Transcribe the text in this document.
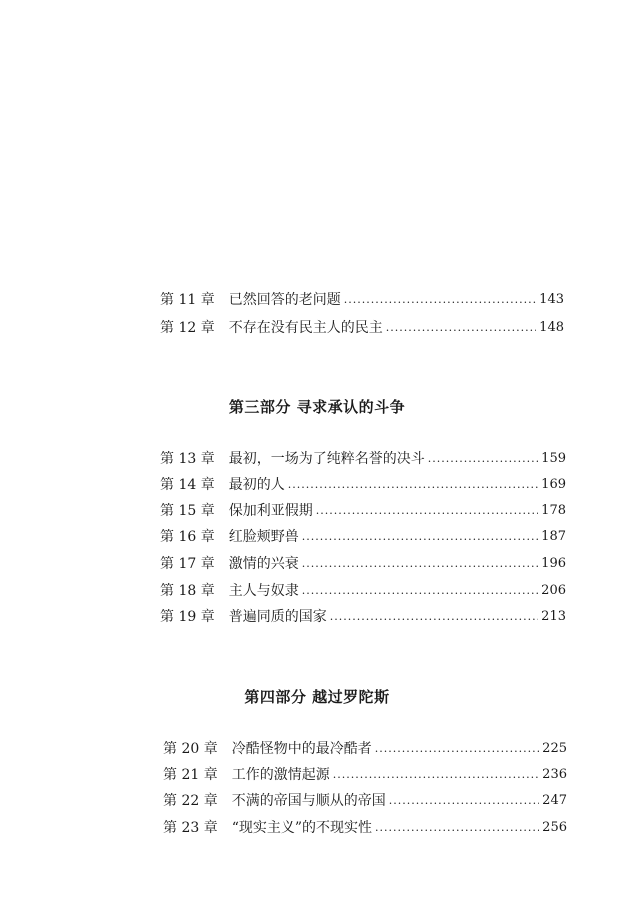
第 11 章 已然回答的老问题 .....	143
第 12 章 不存在没有民主人的民主 .....	148
第三部分 寻求承认的斗争
第 13 章 最初，一场为了纯粹名誉的决斗 .....	159
第 14 章 最初的人 .....	169
第 15 章 保加利亚假期 .....	178
第 16 章 红脸颊野兽 .....	187
第 17 章 激情的兴衰 .....	196
第 18 章 主人与奴隶 .....	206
第 19 章 普遍同质的国家 .....	213
第四部分 越过罗陀斯
第 20 章 冷酷怪物中的最冷酷者 .....	225
第 21 章 工作的激情起源 .....	236
第 22 章 不满的帝国与顺从的帝国 .....	247
第 23 章 “现实主义”的不现实性 .....	256
